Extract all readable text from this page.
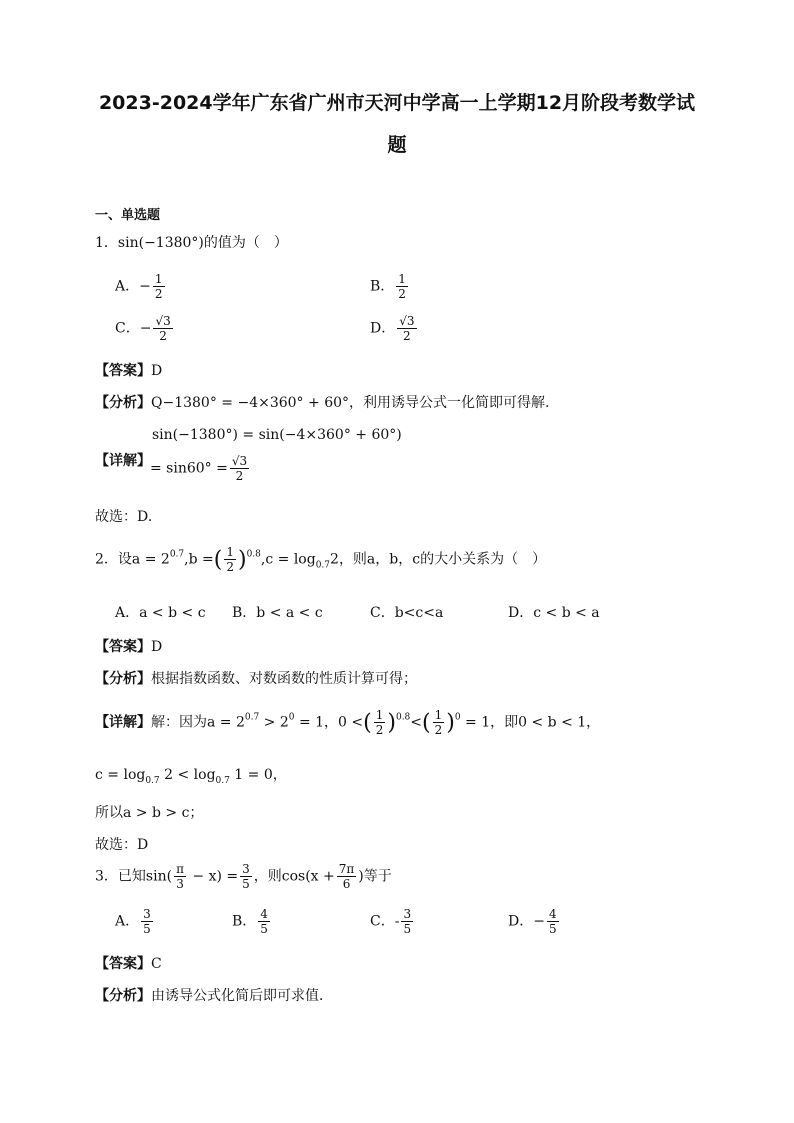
2023-2024学年广东省广州市天河中学高一上学期12月阶段考数学试
题
一、单选题
1．sin(−1380°)的值为（　）
A．− $\frac{1}{2}$	B． $\frac{1}{2}$
C．− $\frac{√3}{2}$	D． $\frac{√3}{2}$
【答案】D
【分析】Q−1380° = −4×360° + 60°，利用诱导公式一化简即可得解.
sin(−1380°) = sin(−4×360° + 60°)
【详解】 = $\sin 60^\circ = \frac{√3}{2}$
故选：D.
2．设$a = 2^{0.7},b$ =( $\frac{1}{2} )^{0.8},c = \log_{0.7}2$，则a，b，c的大小关系为（　）
A．a < b < c B．b < a < c	C．b<c<a	D．c < b < a
【答案】D
【分析】根据指数函数、对数函数的性质计算可得；
【详解】解：因为$a = 2^{0.7} > 2^0 = 1$，0 <( $\frac{1}{2} )^{0.8}<( \frac{1}{2} )^0 = 1$，即0 < b < 1，
$c = \log_{0.7} 2 < \log_{0.7} 1 = 0$，
所以a > b > c；
故选：D
3．已知$\sin( \frac{\pi}{3} - x) = \frac{3}{5}$ ，则$\cos(x + \frac{7\pi}{6}$ )等于
A． $\frac{3}{5}$	B． $\frac{4}{5}$	C．- $\frac{3}{5}$	D．− $\frac{4}{5}$
【答案】C
【分析】由诱导公式化简后即可求值．
